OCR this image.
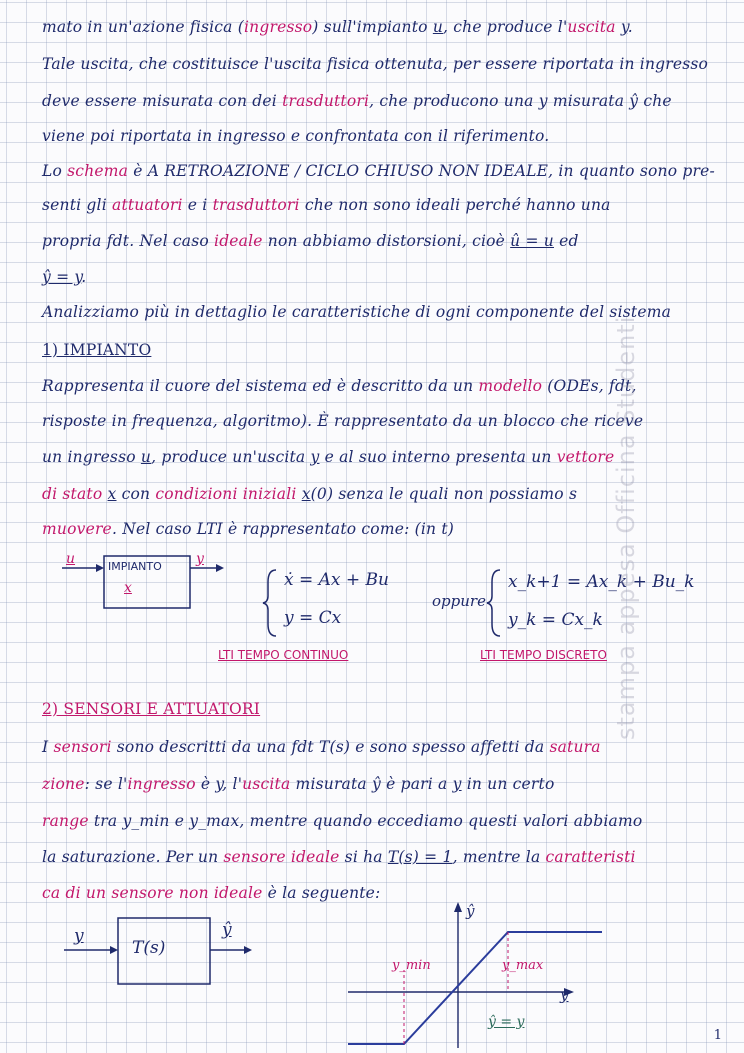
mato in un'azione fisica (ingresso) sull'impianto u, che produce l'uscita y.
Tale uscita, che costituisce l'uscita fisica ottenuta, per essere riportata in ingresso
deve essere misurata con dei trasduttori, che producono una y misurata ŷ che
viene poi riportata in ingresso e confrontata con il riferimento.
Lo schema è A RETROAZIONE / CICLO CHIUSO NON IDEALE, in quanto sono pre-
senti gli attuatori e i trasduttori che non sono ideali perché hanno una
propria fdt. Nel caso ideale non abbiamo distorsioni, cioè û = u ed
ŷ = y.
Analizziamo più in dettaglio le caratteristiche di ogni componente del sistema
1) IMPIANTO
Rappresenta il cuore del sistema ed è descritto da un modello (ODEs, fdt,
risposte in frequenza, algoritmo). È rappresentato da un blocco che riceve
un ingresso u, produce un'uscita y e al suo interno presenta un vettore
di stato x con condizioni iniziali x(0) senza le quali non possiamo s
muovere. Nel caso LTI è rappresentato come: (in t)
2) SENSORI E ATTUATORI
I sensori sono descritti da una fdt T(s) e sono spesso affetti da satura
zione: se l'ingresso è y, l'uscita misurata ŷ è pari a y in un certo
range tra y_min e y_max, mentre quando eccediamo questi valori abbiamo
la saturazione. Per un sensore ideale si ha T(s) = 1, mentre la caratteristi
ca di un sensore non ideale è la seguente:
u	IMPIANTO
x
y
ẋ = Ax + Bu
y = Cx
LTI TEMPO CONTINUO
oppure
x_k+1 = Ax_k + Bu_k
y_k = Cx_k
LTI TEMPO DISCRETO
y
T(s)
ŷ
ŷ
y
y_min	y_max
ŷ = y
stampa appesa Officina Studenti
1
